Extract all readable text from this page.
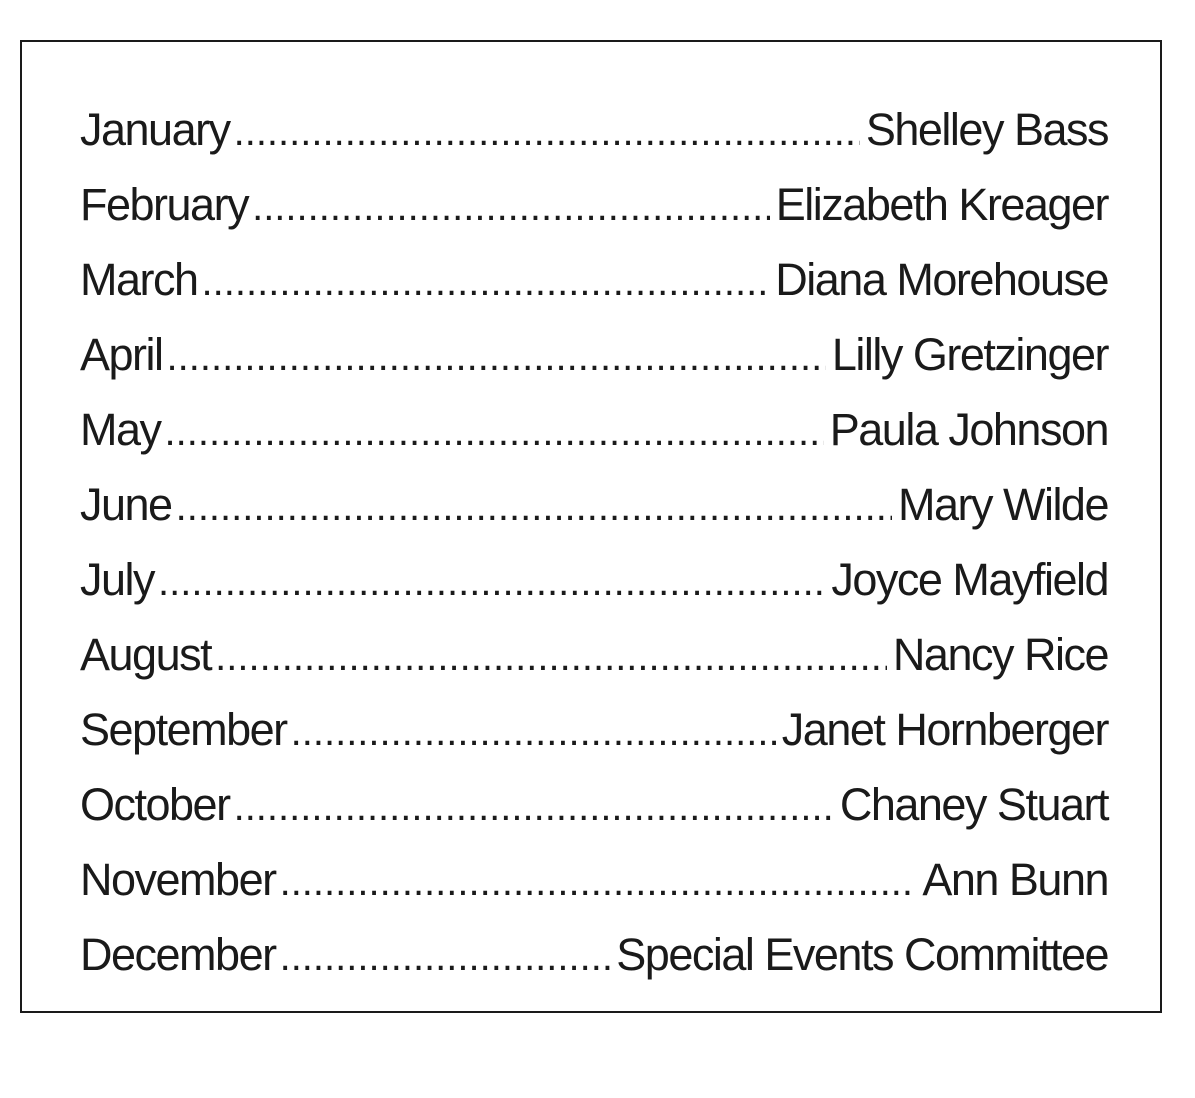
January .....	Shelley Bass
February .....	Elizabeth Kreager
March .....	Diana Morehouse
April .....	Lilly Gretzinger
May .....	Paula Johnson
June .....	Mary Wilde
July .....	Joyce Mayfield
August .....	Nancy Rice
September .....	Janet Hornberger
October .....	Chaney Stuart
November .....	Ann Bunn
December .....	Special Events Committee
